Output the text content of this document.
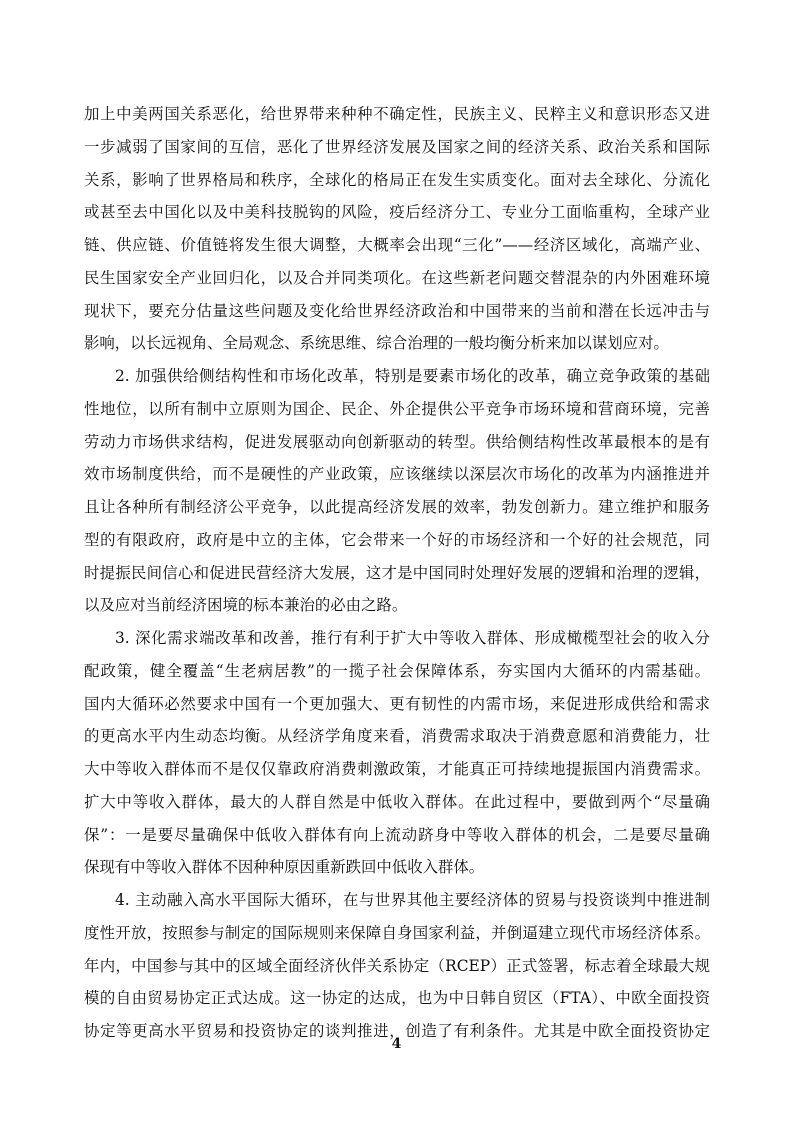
加上中美两国关系恶化，给世界带来种种不确定性，民族主义、民粹主义和意识形态又进
一步减弱了国家间的互信，恶化了世界经济发展及国家之间的经济关系、政治关系和国际
关系，影响了世界格局和秩序，全球化的格局正在发生实质变化。面对去全球化、分流化
或甚至去中国化以及中美科技脱钩的风险，疫后经济分工、专业分工面临重构，全球产业
链、供应链、价值链将发生很大调整，大概率会出现“三化”——经济区域化，高端产业、
民生国家安全产业回归化，以及合并同类项化。在这些新老问题交替混杂的内外困难环境
现状下，要充分估量这些问题及变化给世界经济政治和中国带来的当前和潜在长远冲击与
影响，以长远视角、全局观念、系统思维、综合治理的一般均衡分析来加以谋划应对。
2. 加强供给侧结构性和市场化改革，特别是要素市场化的改革，确立竞争政策的基础
性地位，以所有制中立原则为国企、民企、外企提供公平竞争市场环境和营商环境，完善
劳动力市场供求结构，促进发展驱动向创新驱动的转型。供给侧结构性改革最根本的是有
效市场制度供给，而不是硬性的产业政策，应该继续以深层次市场化的改革为内涵推进并
且让各种所有制经济公平竞争，以此提高经济发展的效率，勃发创新力。建立维护和服务
型的有限政府，政府是中立的主体，它会带来一个好的市场经济和一个好的社会规范，同
时提振民间信心和促进民营经济大发展，这才是中国同时处理好发展的逻辑和治理的逻辑，
以及应对当前经济困境的标本兼治的必由之路。
3. 深化需求端改革和改善，推行有利于扩大中等收入群体、形成橄榄型社会的收入分
配政策，健全覆盖“生老病居教”的一揽子社会保障体系，夯实国内大循环的内需基础。
国内大循环必然要求中国有一个更加强大、更有韧性的内需市场，来促进形成供给和需求
的更高水平内生动态均衡。从经济学角度来看，消费需求取决于消费意愿和消费能力，壮
大中等收入群体而不是仅仅靠政府消费刺激政策，才能真正可持续地提振国内消费需求。
扩大中等收入群体，最大的人群自然是中低收入群体。在此过程中，要做到两个“尽量确
保”：一是要尽量确保中低收入群体有向上流动跻身中等收入群体的机会，二是要尽量确
保现有中等收入群体不因种种原因重新跌回中低收入群体。
4. 主动融入高水平国际大循环，在与世界其他主要经济体的贸易与投资谈判中推进制
度性开放，按照参与制定的国际规则来保障自身国家利益，并倒逼建立现代市场经济体系。
年内，中国参与其中的区域全面经济伙伴关系协定（RCEP）正式签署，标志着全球最大规
模的自由贸易协定正式达成。这一协定的达成，也为中日韩自贸区（FTA）、中欧全面投资
协定等更高水平贸易和投资协定的谈判推进，创造了有利条件。尤其是中欧全面投资协定
4
